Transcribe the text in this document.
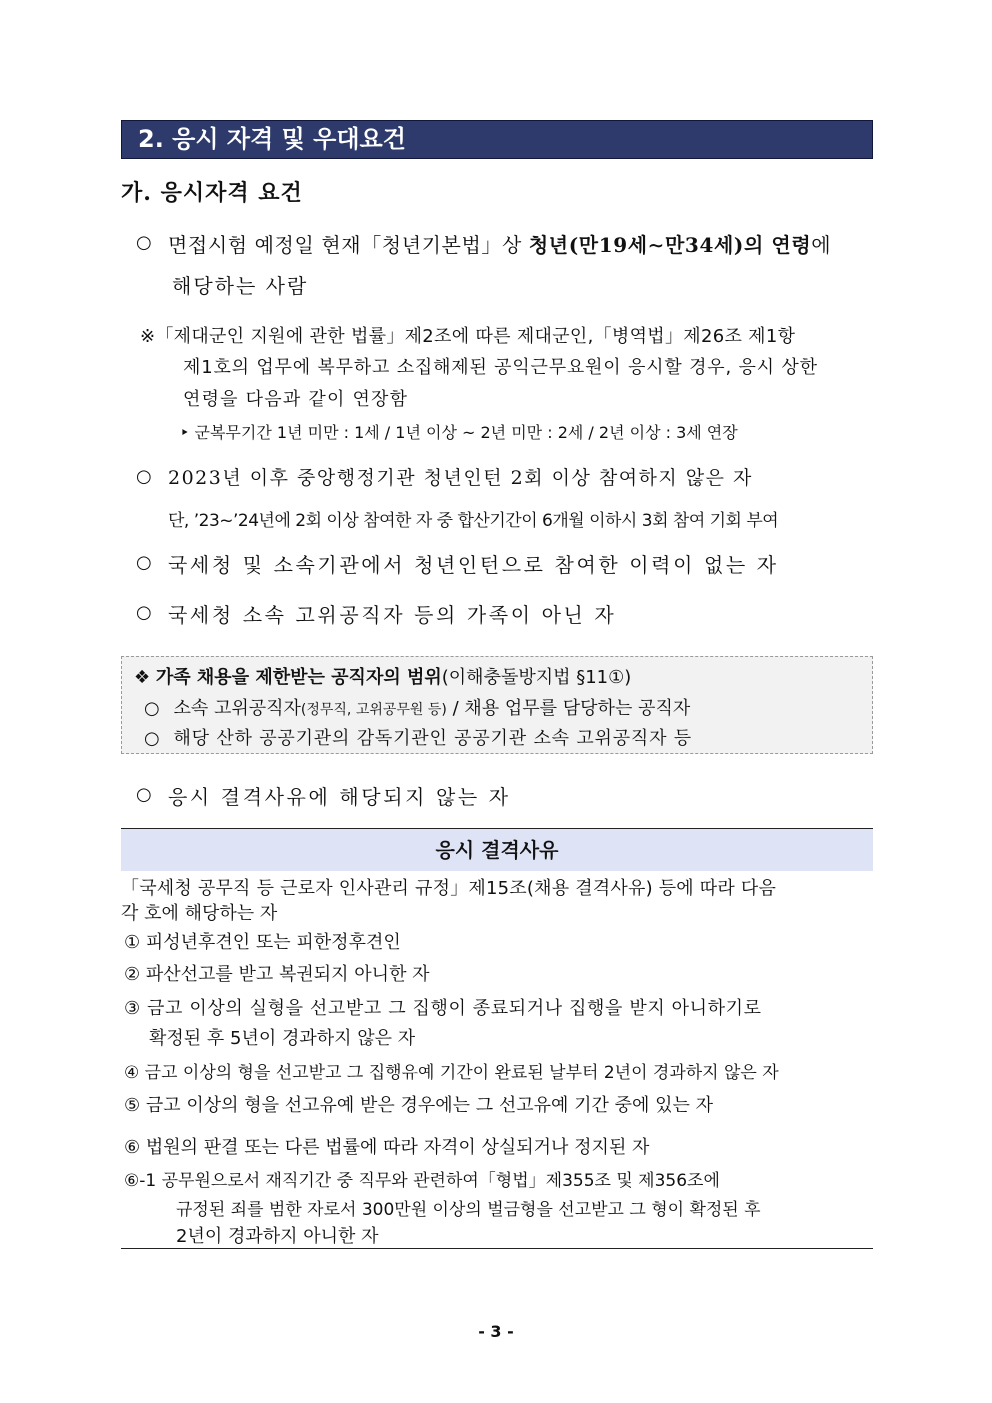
2. 응시 자격 및 우대요건
가. 응시자격 요건
○ 면접시험 예정일 현재「청년기본법」상 청년(만19세∼만34세)의 연령에
해당하는 사람
※「제대군인 지원에 관한 법률」제2조에 따른 제대군인,「병역법」제26조 제1항
제1호의 업무에 복무하고 소집해제된 공익근무요원이 응시할 경우, 응시 상한
연령을 다음과 같이 연장함
‣ 군복무기간 1년 미만 : 1세 / 1년 이상 ~ 2년 미만 : 2세 / 2년 이상 : 3세 연장
○ 2023년 이후 중앙행정기관 청년인턴 2회 이상 참여하지 않은 자
단, ’23~’24년에 2회 이상 참여한 자 중 합산기간이 6개월 이하시 3회 참여 기회 부여
○ 국세청 및 소속기관에서 청년인턴으로 참여한 이력이 없는 자
○ 국세청 소속 고위공직자 등의 가족이 아닌 자
❖ 가족 채용을 제한받는 공직자의 범위(이해충돌방지법 §11①)
○ 소속 고위공직자(정무직, 고위공무원 등) / 채용 업무를 담당하는 공직자
○ 해당 산하 공공기관의 감독기관인 공공기관 소속 고위공직자 등
○ 응시 결격사유에 해당되지 않는 자
응시 결격사유
「국세청 공무직 등 근로자 인사관리 규정」제15조(채용 결격사유) 등에 따라 다음
각 호에 해당하는 자
① 피성년후견인 또는 피한정후견인
② 파산선고를 받고 복권되지 아니한 자
③ 금고 이상의 실형을 선고받고 그 집행이 종료되거나 집행을 받지 아니하기로
확정된 후 5년이 경과하지 않은 자
④ 금고 이상의 형을 선고받고 그 집행유예 기간이 완료된 날부터 2년이 경과하지 않은 자
⑤ 금고 이상의 형을 선고유예 받은 경우에는 그 선고유예 기간 중에 있는 자
⑥ 법원의 판결 또는 다른 법률에 따라 자격이 상실되거나 정지된 자
⑥-1 공무원으로서 재직기간 중 직무와 관련하여「형법」제355조 및 제356조에
규정된 죄를 범한 자로서 300만원 이상의 벌금형을 선고받고 그 형이 확정된 후
2년이 경과하지 아니한 자
- 3 -
